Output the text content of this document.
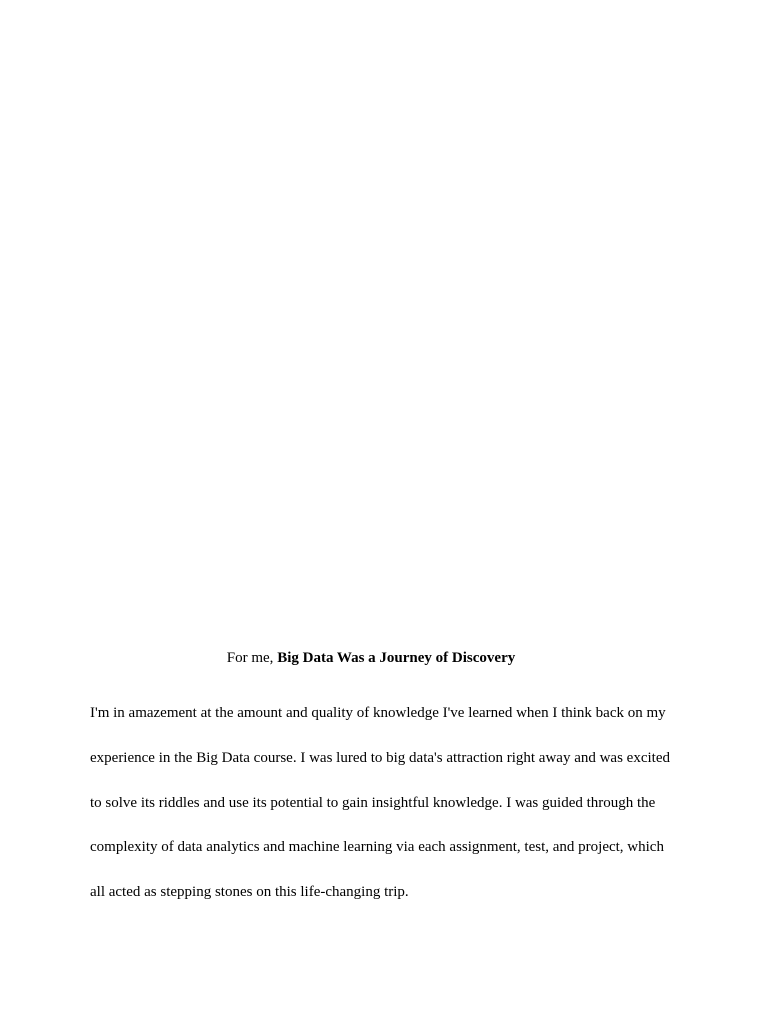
For me, Big Data Was a Journey of Discovery
I'm in amazement at the amount and quality of knowledge I've learned when I think back on my
experience in the Big Data course. I was lured to big data's attraction right away and was excited
to solve its riddles and use its potential to gain insightful knowledge. I was guided through the
complexity of data analytics and machine learning via each assignment, test, and project, which
all acted as stepping stones on this life-changing trip.
